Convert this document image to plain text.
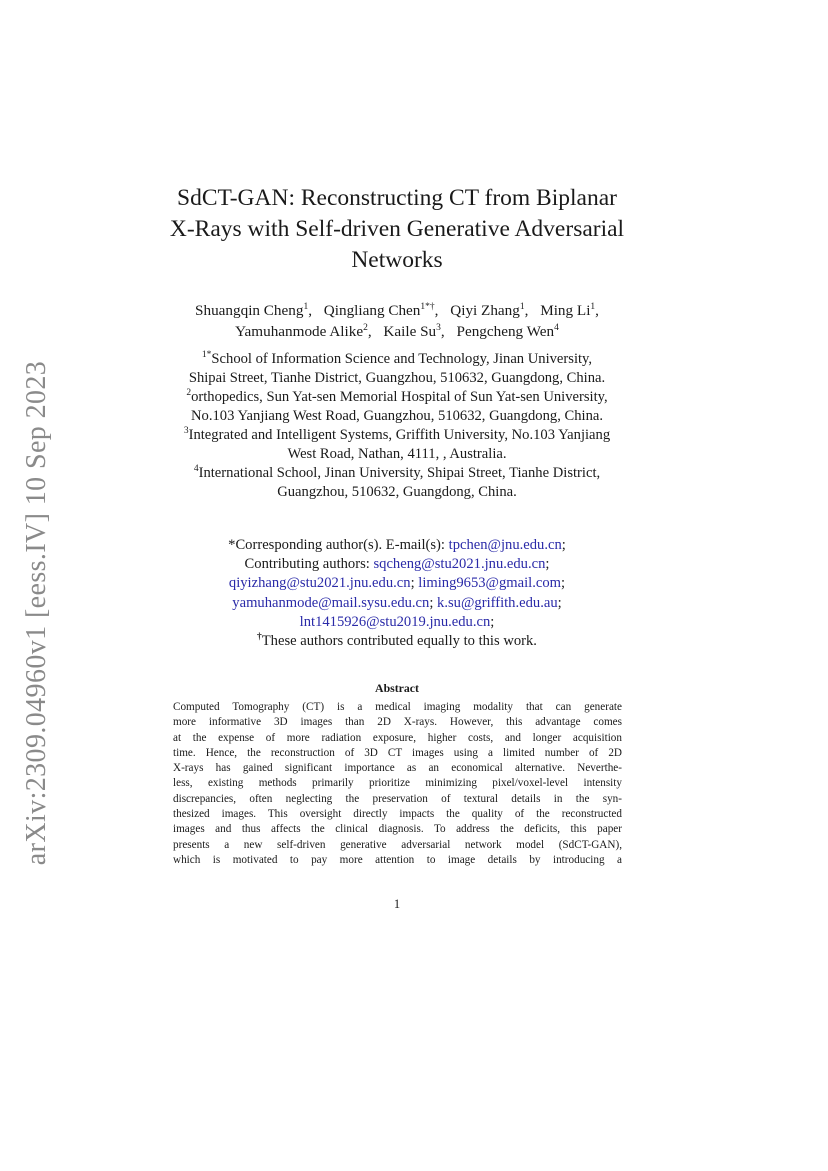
arXiv:2309.04960v1 [eess.IV] 10 Sep 2023
SdCT-GAN: Reconstructing CT from Biplanar
X-Rays with Self-driven Generative Adversarial
Networks
Shuangqin Cheng$^1$, Qingliang Chen$^{1*\dagger}$, Qiyi Zhang$^1$, Ming Li$^1$,
Yamuhanmode Alike$^2$, Kaile Su$^3$, Pengcheng Wen$^4$
$^{1*}$School of Information Science and Technology, Jinan University,
Shipai Street, Tianhe District, Guangzhou, 510632, Guangdong, China.
$^2$orthopedics, Sun Yat-sen Memorial Hospital of Sun Yat-sen University,
No.103 Yanjiang West Road, Guangzhou, 510632, Guangdong, China.
$^3$Integrated and Intelligent Systems, Griffith University, No.103 Yanjiang
West Road, Nathan, 4111, , Australia.
$^4$International School, Jinan University, Shipai Street, Tianhe District,
Guangzhou, 510632, Guangdong, China.
*Corresponding author(s). E-mail(s): tpchen@jnu.edu.cn;
Contributing authors: sqcheng@stu2021.jnu.edu.cn;
qiyizhang@stu2021.jnu.edu.cn; liming9653@gmail.com;
yamuhanmode@mail.sysu.edu.cn; k.su@griffith.edu.au;
lnt1415926@stu2019.jnu.edu.cn;
†These authors contributed equally to this work.
Abstract
Computed Tomography (CT) is a medical imaging modality that can generate
more informative 3D images than 2D X-rays. However, this advantage comes
at the expense of more radiation exposure, higher costs, and longer acquisition
time. Hence, the reconstruction of 3D CT images using a limited number of 2D
X-rays has gained significant importance as an economical alternative. Neverthe-
less, existing methods primarily prioritize minimizing pixel/voxel-level intensity
discrepancies, often neglecting the preservation of textural details in the syn-
thesized images. This oversight directly impacts the quality of the reconstructed
images and thus affects the clinical diagnosis. To address the deficits, this paper
presents a new self-driven generative adversarial network model (SdCT-GAN),
which is motivated to pay more attention to image details by introducing a
1
